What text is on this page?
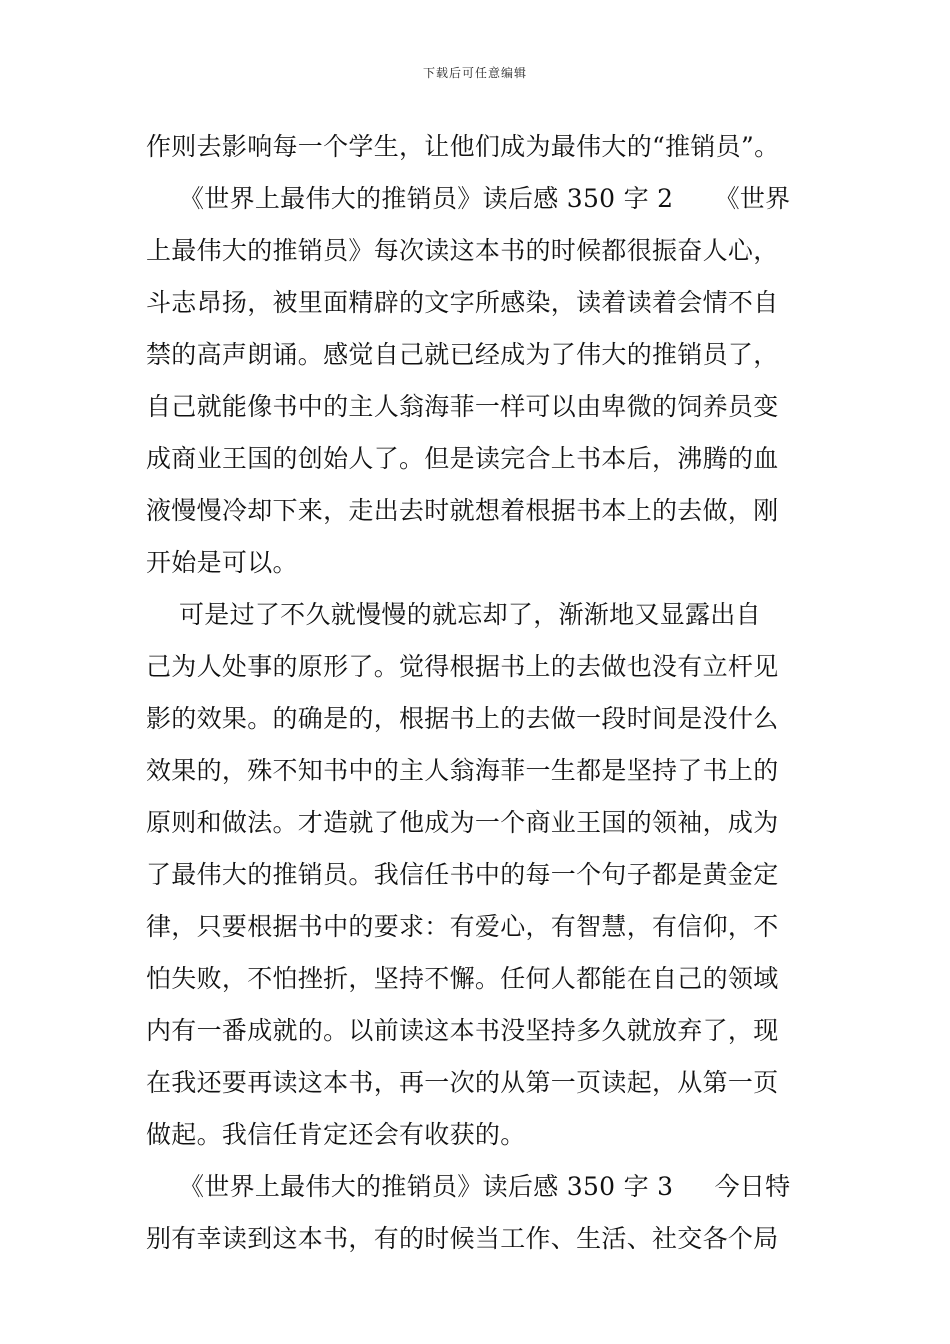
下载后可任意编辑
作则去影响每一个学生，让他们成为最伟大的“推销员”。
《世界上最伟大的推销员》读后感 350 字 2     《世界
上最伟大的推销员》每次读这本书的时候都很振奋人心，
斗志昂扬，被里面精辟的文字所感染，读着读着会情不自
禁的高声朗诵。感觉自己就已经成为了伟大的推销员了，
自己就能像书中的主人翁海菲一样可以由卑微的饲养员变
成商业王国的创始人了。但是读完合上书本后，沸腾的血
液慢慢冷却下来，走出去时就想着根据书本上的去做，刚
开始是可以。
可是过了不久就慢慢的就忘却了，渐渐地又显露出自
己为人处事的原形了。觉得根据书上的去做也没有立杆见
影的效果。的确是的，根据书上的去做一段时间是没什么
效果的，殊不知书中的主人翁海菲一生都是坚持了书上的
原则和做法。才造就了他成为一个商业王国的领袖，成为
了最伟大的推销员。我信任书中的每一个句子都是黄金定
律，只要根据书中的要求：有爱心，有智慧，有信仰，不
怕失败，不怕挫折，坚持不懈。任何人都能在自己的领域
内有一番成就的。以前读这本书没坚持多久就放弃了，现
在我还要再读这本书，再一次的从第一页读起，从第一页
做起。我信任肯定还会有收获的。
《世界上最伟大的推销员》读后感 350 字 3     今日特
别有幸读到这本书，有的时候当工作、生活、社交各个局
